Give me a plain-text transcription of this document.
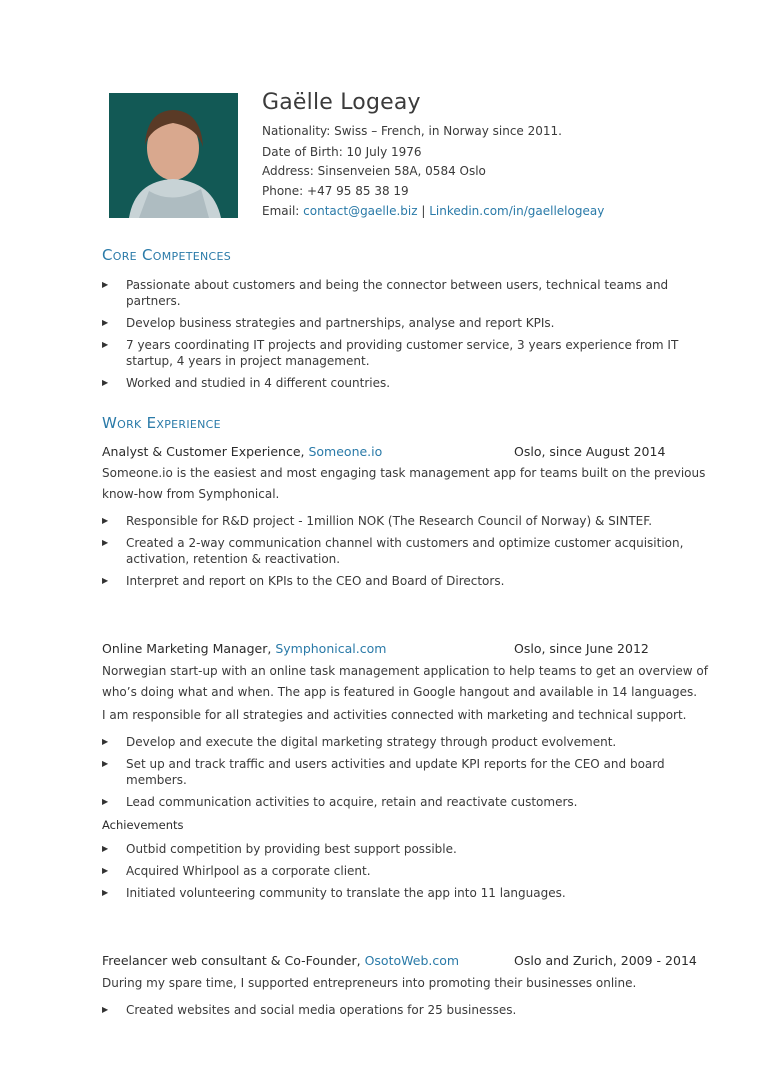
Gaëlle Logeay
Nationality: Swiss – French, in Norway since 2011.
Date of Birth: 10 July 1976
Address: Sinsenveien 58A, 0584 Oslo
Phone: +47 95 85 38 19
Email: contact@gaelle.biz | Linkedin.com/in/gaellelogeay
Core Competences
▶ Passionate about customers and being the connector between users, technical teams and partners.
▶ Develop business strategies and partnerships, analyse and report KPIs.
▶ 7 years coordinating IT projects and providing customer service, 3 years experience from IT startup, 4 years in project management.
▶ Worked and studied in 4 different countries.
Work Experience
Analyst & Customer Experience, Someone.io	Oslo, since August 2014
Someone.io is the easiest and most engaging task management app for teams built on the previous know-how from Symphonical.
▶ Responsible for R&D project - 1million NOK (The Research Council of Norway) & SINTEF.
▶ Created a 2-way communication channel with customers and optimize customer acquisition, activation, retention & reactivation.
▶ Interpret and report on KPIs to the CEO and Board of Directors.
Online Marketing Manager, Symphonical.com	Oslo, since June 2012
Norwegian start-up with an online task management application to help teams to get an overview of who’s doing what and when. The app is featured in Google hangout and available in 14 languages.
I am responsible for all strategies and activities connected with marketing and technical support.
▶ Develop and execute the digital marketing strategy through product evolvement.
▶ Set up and track traffic and users activities and update KPI reports for the CEO and board members.
▶ Lead communication activities to acquire, retain and reactivate customers.
Achievements
▶ Outbid competition by providing best support possible.
▶ Acquired Whirlpool as a corporate client.
▶ Initiated volunteering community to translate the app into 11 languages.
Freelancer web consultant & Co-Founder, OsotoWeb.com	Oslo and Zurich, 2009 - 2014
During my spare time, I supported entrepreneurs into promoting their businesses online.
▶ Created websites and social media operations for 25 businesses.
